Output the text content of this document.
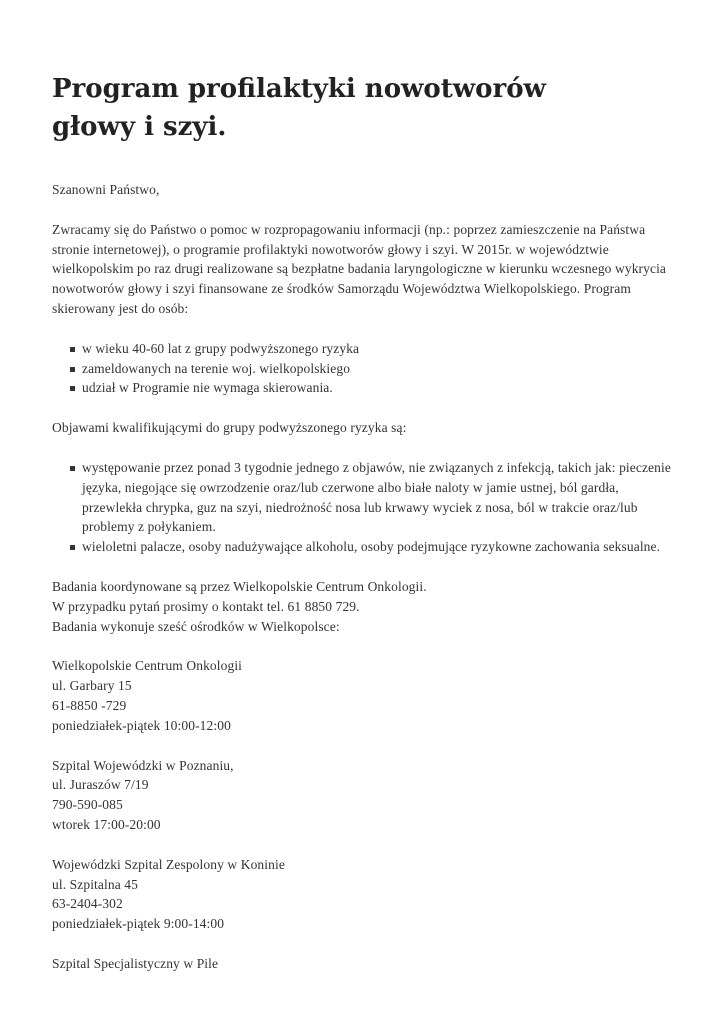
Program profilaktyki nowotworów głowy i szyi.

Szanowni Państwo,

Zwracamy się do Państwo o pomoc w rozpropagowaniu informacji (np.: poprzez zamieszczenie na Państwa stronie internetowej), o programie profilaktyki nowotworów głowy i szyi. W 2015r. w województwie wielkopolskim po raz drugi realizowane są bezpłatne badania laryngologiczne w kierunku wczesnego wykrycia nowotworów głowy i szyi finansowane ze środków Samorządu Województwa Wielkopolskiego. Program skierowany jest do osób:

w wieku 40-60 lat z grupy podwyższonego ryzyka
zameldowanych na terenie woj. wielkopolskiego
udział w Programie nie wymaga skierowania.

Objawami kwalifikującymi do grupy podwyższonego ryzyka są:

występowanie przez ponad 3 tygodnie jednego z objawów, nie związanych z infekcją, takich jak: pieczenie języka, niegojące się owrzodzenie oraz/lub czerwone albo białe naloty w jamie ustnej, ból gardła, przewlekła chrypka, guz na szyi, niedrożność nosa lub krwawy wyciek z nosa, ból w trakcie oraz/lub problemy z połykaniem.
wieloletni palacze, osoby nadużywające alkoholu, osoby podejmujące ryzykowne zachowania seksualne.

Badania koordynowane są przez Wielkopolskie Centrum Onkologii.

W przypadku pytań prosimy o kontakt tel. 61 8850 729.

Badania wykonuje sześć ośrodków w Wielkopolsce:

Wielkopolskie Centrum Onkologii

ul. Garbary 15

61-8850 -729

poniedziałek-piątek 10:00-12:00

Szpital Wojewódzki w Poznaniu,

ul. Juraszów 7/19

790-590-085

wtorek 17:00-20:00

Wojewódzki Szpital Zespolony w Koninie

ul. Szpitalna 45

63-2404-302

poniedziałek-piątek 9:00-14:00

Szpital Specjalistyczny w Pile
